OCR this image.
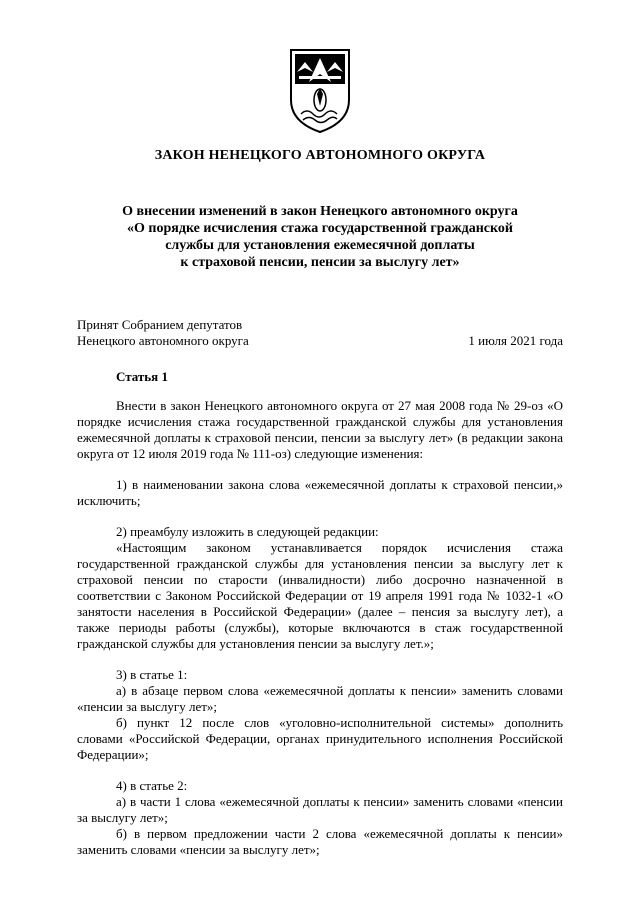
ЗАКОН НЕНЕЦКОГО АВТОНОМНОГО ОКРУГА
О внесении изменений в закон Ненецкого автономного округа
«О порядке исчисления стажа государственной гражданской
службы для установления ежемесячной доплаты
к страховой пенсии, пенсии за выслугу лет»
Принят Собранием депутатов
Ненецкого автономного округа	1 июля 2021 года
Статья 1

Внести в закон Ненецкого автономного округа от 27 мая 2008 года № 29-оз «О порядке исчисления стажа государственной гражданской службы для установления ежемесячной доплаты к страховой пенсии, пенсии за выслугу лет» (в редакции закона округа от 12 июля 2019 года № 111-оз) следующие изменения:

1) в наименовании закона слова «ежемесячной доплаты к страховой пенсии,» исключить;

2) преамбулу изложить в следующей редакции:

«Настоящим законом устанавливается порядок исчисления стажа государственной гражданской службы для установления пенсии за выслугу лет к страховой пенсии по старости (инвалидности) либо досрочно назначенной в соответствии с Законом Российской Федерации от 19 апреля 1991 года № 1032-1 «О занятости населения в Российской Федерации» (далее – пенсия за выслугу лет), а также периоды работы (службы), которые включаются в стаж государственной гражданской службы для установления пенсии за выслугу лет.»;

3) в статье 1:

а) в абзаце первом слова «ежемесячной доплаты к пенсии» заменить словами «пенсии за выслугу лет»;

б) пункт 12 после слов «уголовно-исполнительной системы» дополнить словами «Российской Федерации, органах принудительного исполнения Российской Федерации»;

4) в статье 2:

а) в части 1 слова «ежемесячной доплаты к пенсии» заменить словами «пенсии за выслугу лет»;

б) в первом предложении части 2 слова «ежемесячной доплаты к пенсии» заменить словами «пенсии за выслугу лет»;
